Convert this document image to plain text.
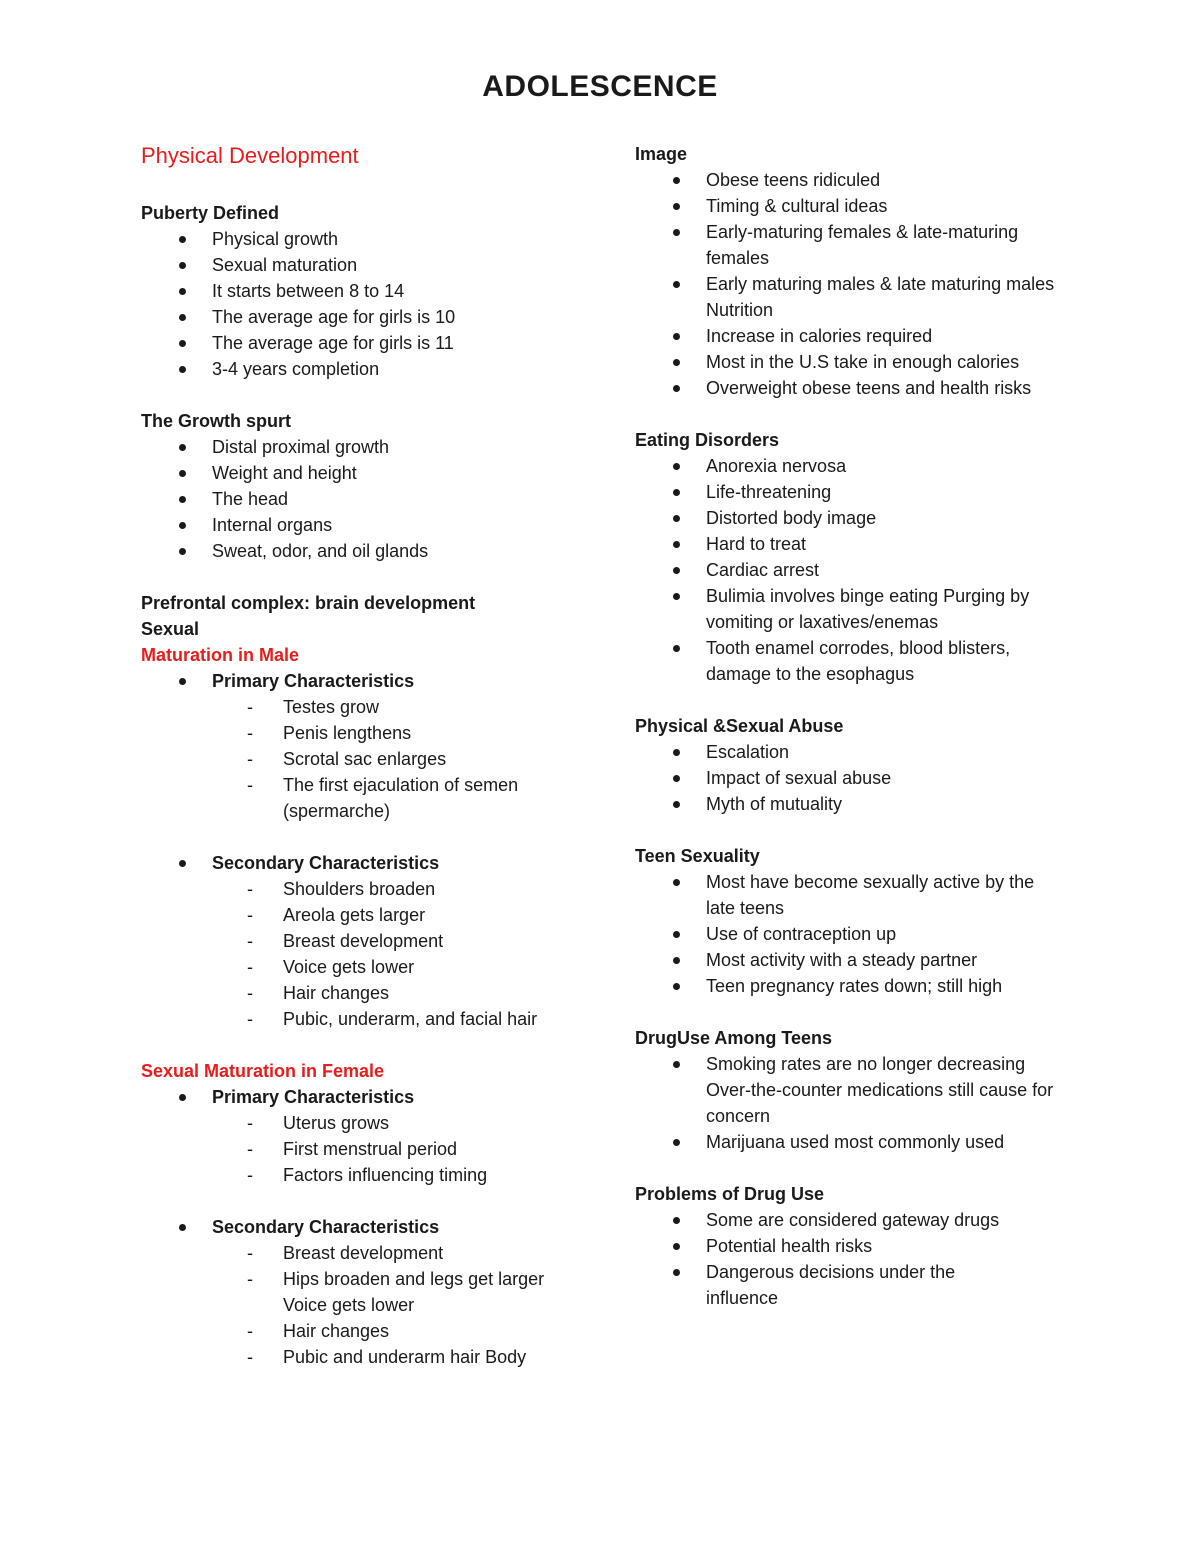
ADOLESCENCE
Physical Development
Puberty Defined
Physical growth
Sexual maturation
It starts between 8 to 14
The average age for girls is 10
The average age for girls is 11
3-4 years completion
The Growth spurt
Distal proximal growth
Weight and height
The head
Internal organs
Sweat, odor, and oil glands
Prefrontal complex: brain development
Sexual
Maturation in Male
Primary Characteristics
- Testes grow
- Penis lengthens
- Scrotal sac enlarges
- The first ejaculation of semen (spermarche)
Secondary Characteristics
- Shoulders broaden
- Areola gets larger
- Breast development
- Voice gets lower
- Hair changes
- Pubic, underarm, and facial hair
Sexual Maturation in Female
Primary Characteristics
- Uterus grows
- First menstrual period
- Factors influencing timing
Secondary Characteristics
- Breast development
- Hips broaden and legs get larger Voice gets lower
- Hair changes
- Pubic and underarm hair Body
Image
Obese teens ridiculed
Timing & cultural ideas
Early-maturing females & late-maturing females
Early maturing males & late maturing males Nutrition
Increase in calories required
Most in the U.S take in enough calories
Overweight obese teens and health risks
Eating Disorders
Anorexia nervosa
Life-threatening
Distorted body image
Hard to treat
Cardiac arrest
Bulimia involves binge eating Purging by vomiting or laxatives/enemas
Tooth enamel corrodes, blood blisters, damage to the esophagus
Physical &Sexual Abuse
Escalation
Impact of sexual abuse
Myth of mutuality
Teen Sexuality
Most have become sexually active by the late teens
Use of contraception up
Most activity with a steady partner
Teen pregnancy rates down; still high
DrugUse Among Teens
Smoking rates are no longer decreasing Over-the-counter medications still cause for concern
Marijuana used most commonly used
Problems of Drug Use
Some are considered gateway drugs
Potential health risks
Dangerous decisions under the influence
